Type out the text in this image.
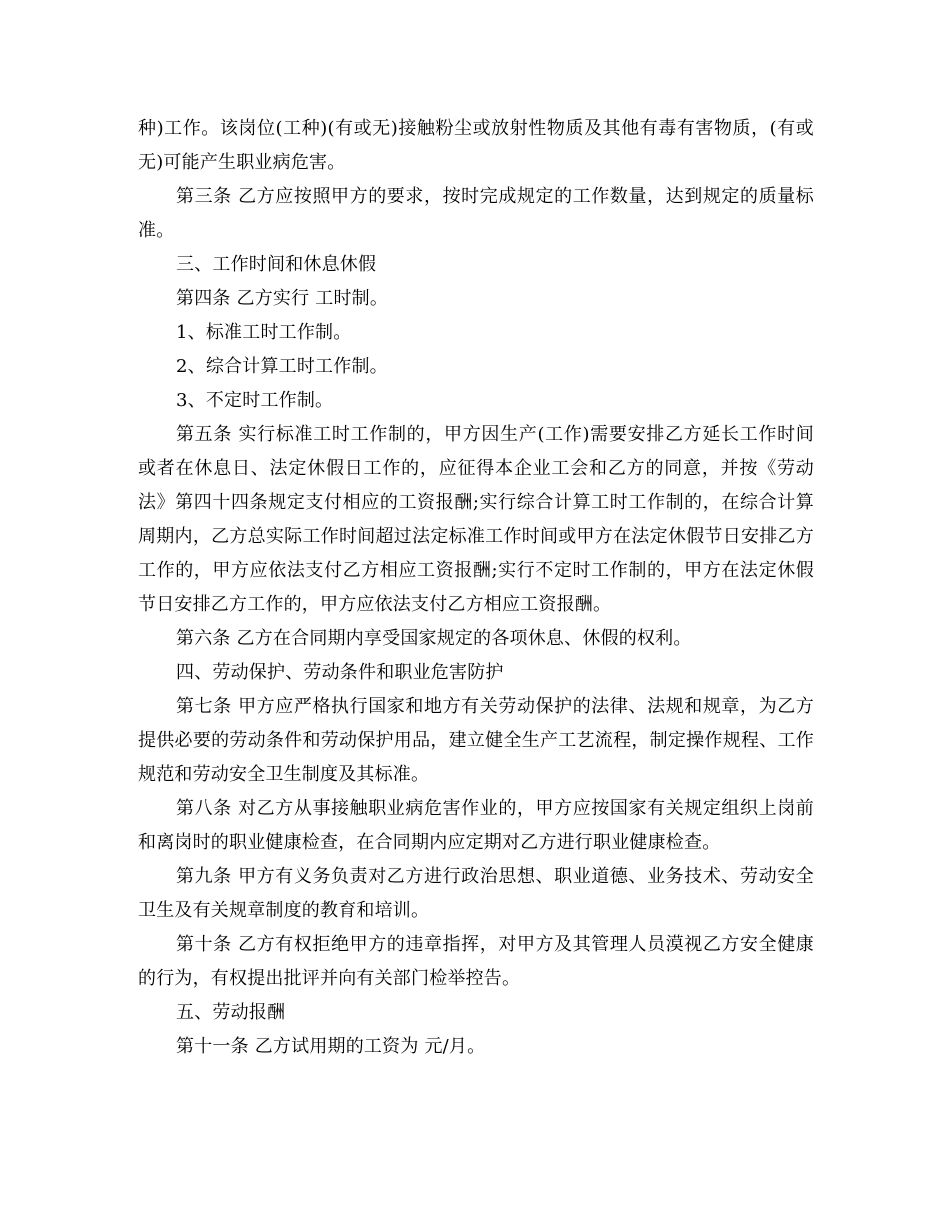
种)工作。该岗位(工种)(有或无)接触粉尘或放射性物质及其他有毒有害物质，(有或无)可能产生职业病危害。

第三条 乙方应按照甲方的要求，按时完成规定的工作数量，达到规定的质量标准。

三、工作时间和休息休假

第四条 乙方实行 工时制。

1、标准工时工作制。

2、综合计算工时工作制。

3、不定时工作制。

第五条 实行标准工时工作制的，甲方因生产(工作)需要安排乙方延长工作时间或者在休息日、法定休假日工作的，应征得本企业工会和乙方的同意，并按《劳动法》第四十四条规定支付相应的工资报酬;实行综合计算工时工作制的，在综合计算周期内，乙方总实际工作时间超过法定标准工作时间或甲方在法定休假节日安排乙方工作的，甲方应依法支付乙方相应工资报酬;实行不定时工作制的，甲方在法定休假节日安排乙方工作的，甲方应依法支付乙方相应工资报酬。

第六条 乙方在合同期内享受国家规定的各项休息、休假的权利。

四、劳动保护、劳动条件和职业危害防护

第七条 甲方应严格执行国家和地方有关劳动保护的法律、法规和规章，为乙方提供必要的劳动条件和劳动保护用品，建立健全生产工艺流程，制定操作规程、工作规范和劳动安全卫生制度及其标准。

第八条 对乙方从事接触职业病危害作业的，甲方应按国家有关规定组织上岗前和离岗时的职业健康检查，在合同期内应定期对乙方进行职业健康检查。

第九条 甲方有义务负责对乙方进行政治思想、职业道德、业务技术、劳动安全卫生及有关规章制度的教育和培训。

第十条 乙方有权拒绝甲方的违章指挥，对甲方及其管理人员漠视乙方安全健康的行为，有权提出批评并向有关部门检举控告。

五、劳动报酬

第十一条 乙方试用期的工资为 元/月。
